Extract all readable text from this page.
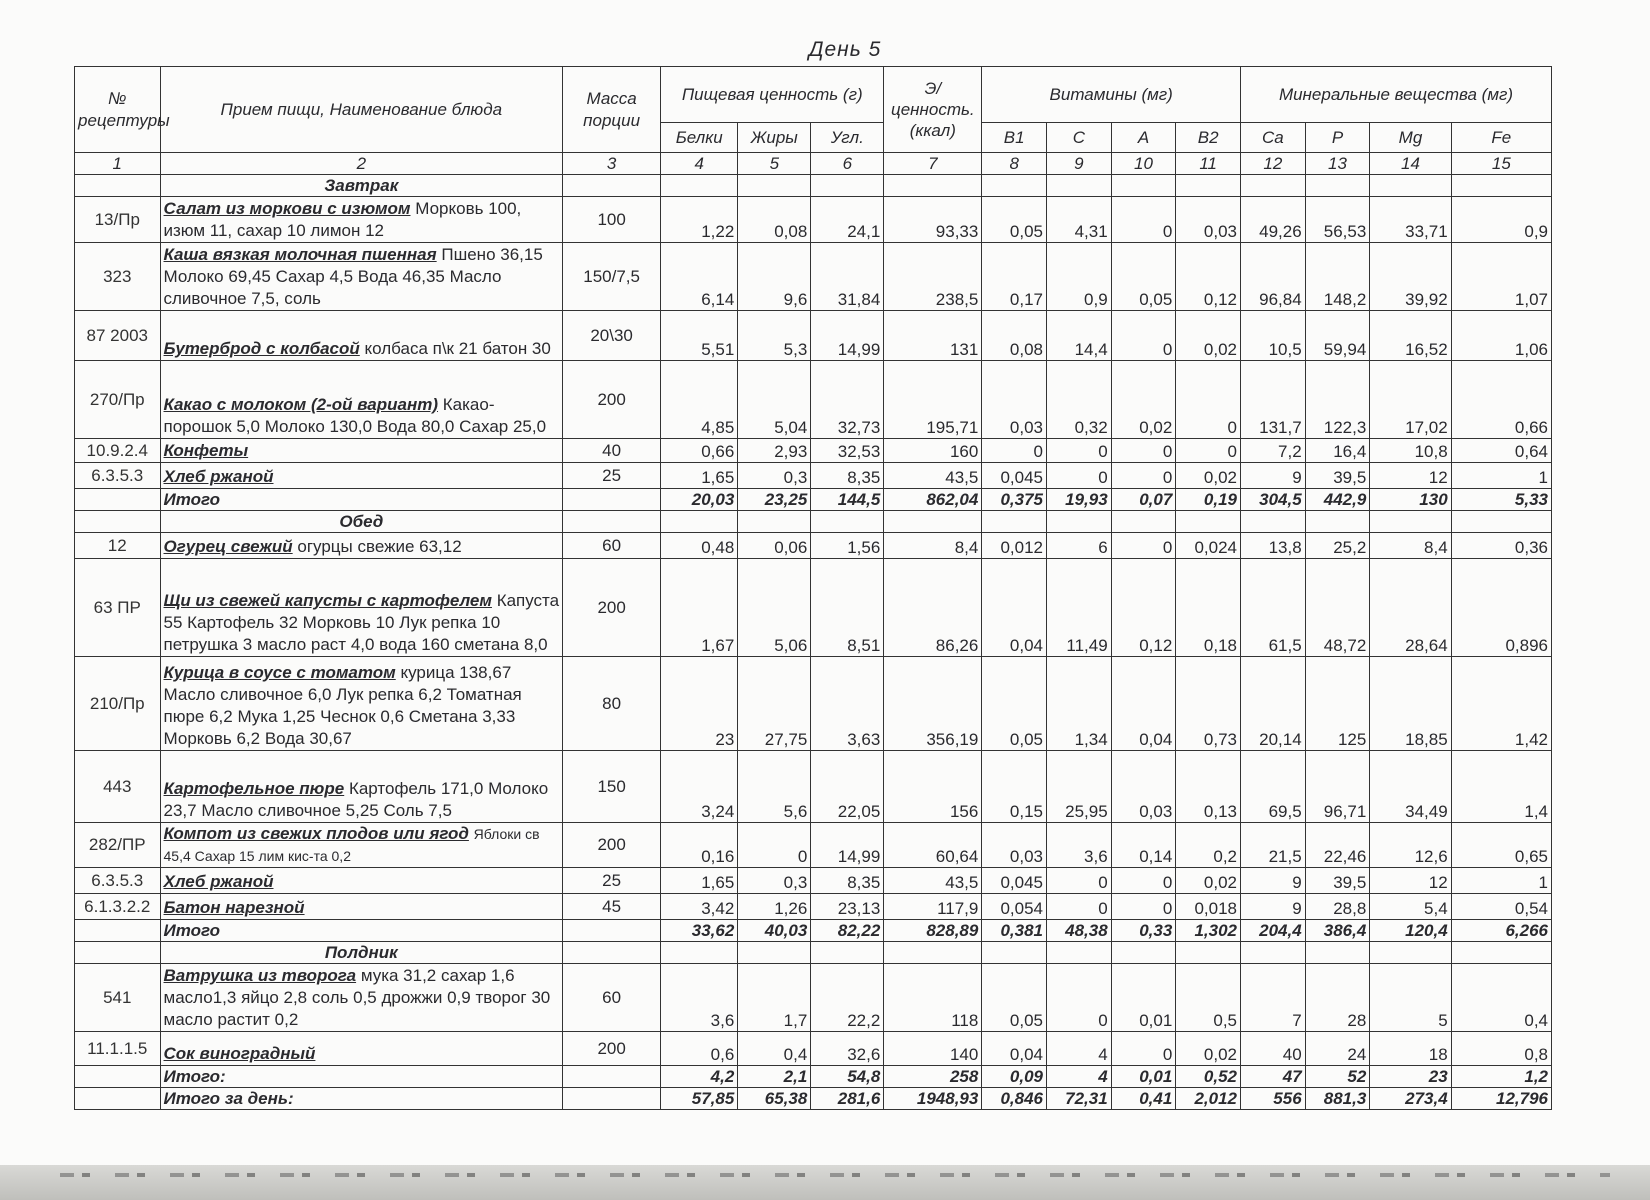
День 5
№ рецептуры	Прием пищи, Наименование блюда	Масса порции	Пищевая ценность (г)			Э/ценность. (ккал)	Витамины (мг)				Минеральные вещества (мг)			
			Белки	Жиры	Угл.		B1	C	A	B2	Ca	P	Mg	Fe
1	2	3	4	5	6	7	8	9	10	11	12	13	14	15
	Завтрак													
13/Пр	Салат из моркови с изюмом Морковь 100, изюм 11, сахар 10 лимон 12	100	1,22	0,08	24,1	93,33	0,05	4,31	0	0,03	49,26	56,53	33,71	0,9
323	Каша вязкая молочная пшенная Пшено 36,15 Молоко 69,45 Сахар 4,5 Вода 46,35 Масло сливочное 7,5, соль	150/7,5	6,14	9,6	31,84	238,5	0,17	0,9	0,05	0,12	96,84	148,2	39,92	1,07
87 2003	Бутерброд с колбасой колбаса п\к 21 батон 30	20\30	5,51	5,3	14,99	131	0,08	14,4	0	0,02	10,5	59,94	16,52	1,06
270/Пр	Какао с молоком (2-ой вариант) Какао-порошок 5,0 Молоко 130,0 Вода 80,0 Сахар 25,0	200	4,85	5,04	32,73	195,71	0,03	0,32	0,02	0	131,7	122,3	17,02	0,66
10.9.2.4	Конфеты	40	0,66	2,93	32,53	160	0	0	0	0	7,2	16,4	10,8	0,64
6.3.5.3	Хлеб ржаной	25	1,65	0,3	8,35	43,5	0,045	0	0	0,02	9	39,5	12	1
	Итого		20,03	23,25	144,5	862,04	0,375	19,93	0,07	0,19	304,5	442,9	130	5,33
	Обед													
12	Огурец свежий огурцы свежие 63,12	60	0,48	0,06	1,56	8,4	0,012	6	0	0,024	13,8	25,2	8,4	0,36
63 ПР	Щи из свежей капусты с картофелем Капуста 55 Картофель 32 Морковь 10 Лук репка 10 петрушка 3 масло раст 4,0 вода 160 сметана 8,0	200	1,67	5,06	8,51	86,26	0,04	11,49	0,12	0,18	61,5	48,72	28,64	0,896
210/Пр	Курица в соусе с томатом курица 138,67 Масло сливочное 6,0 Лук репка 6,2 Томатная пюре 6,2 Мука 1,25 Чеснок 0,6 Сметана 3,33 Морковь 6,2 Вода 30,67	80	23	27,75	3,63	356,19	0,05	1,34	0,04	0,73	20,14	125	18,85	1,42
443	Картофельное пюре Картофель 171,0 Молоко 23,7 Масло сливочное 5,25 Соль 7,5	150	3,24	5,6	22,05	156	0,15	25,95	0,03	0,13	69,5	96,71	34,49	1,4
282/ПР	Компот из свежих плодов или ягод Яблоки св 45,4 Сахар 15 лим кис-та 0,2	200	0,16	0	14,99	60,64	0,03	3,6	0,14	0,2	21,5	22,46	12,6	0,65
6.3.5.3	Хлеб ржаной	25	1,65	0,3	8,35	43,5	0,045	0	0	0,02	9	39,5	12	1
6.1.3.2.2	Батон нарезной	45	3,42	1,26	23,13	117,9	0,054	0	0	0,018	9	28,8	5,4	0,54
	Итого		33,62	40,03	82,22	828,89	0,381	48,38	0,33	1,302	204,4	386,4	120,4	6,266
	Полдник													
541	Ватрушка из творога мука 31,2 сахар 1,6 масло1,3 яйцо 2,8 соль 0,5 дрожжи 0,9 творог 30 масло растит 0,2	60	3,6	1,7	22,2	118	0,05	0	0,01	0,5	7	28	5	0,4
11.1.1.5	Сок виноградный	200	0,6	0,4	32,6	140	0,04	4	0	0,02	40	24	18	0,8
	Итого:		4,2	2,1	54,8	258	0,09	4	0,01	0,52	47	52	23	1,2
	Итого за день:		57,85	65,38	281,6	1948,93	0,846	72,31	0,41	2,012	556	881,3	273,4	12,796
